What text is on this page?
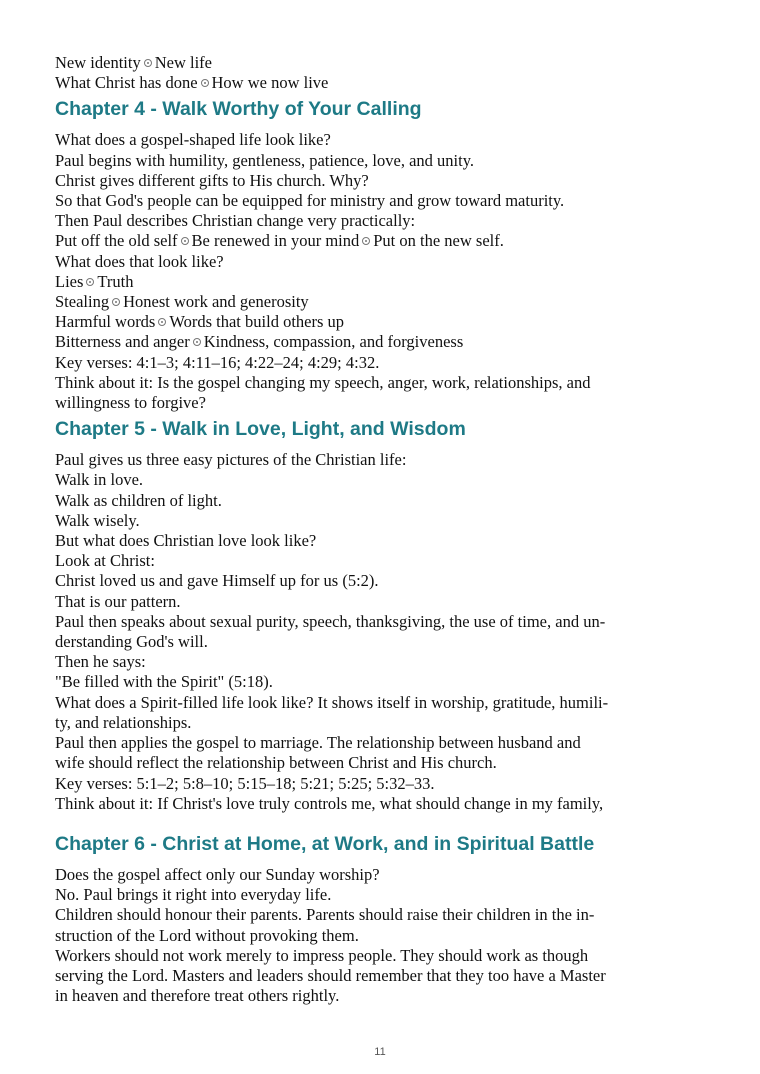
New identity New life
What Christ has done How we now live
Chapter 4 - Walk Worthy of Your Calling
What does a gospel-shaped life look like?
Paul begins with humility, gentleness, patience, love, and unity.
Christ gives different gifts to His church. Why?
So that God's people can be equipped for ministry and grow toward maturity.
Then Paul describes Christian change very practically:
Put off the old self Be renewed in your mind Put on the new self.
What does that look like?
Lies Truth
Stealing Honest work and generosity
Harmful words Words that build others up
Bitterness and anger Kindness, compassion, and forgiveness
Key verses: 4:1–3; 4:11–16; 4:22–24; 4:29; 4:32.
Think about it: Is the gospel changing my speech, anger, work, relationships, and
willingness to forgive?
Chapter 5 - Walk in Love, Light, and Wisdom
Paul gives us three easy pictures of the Christian life:
Walk in love.
Walk as children of light.
Walk wisely.
But what does Christian love look like?
Look at Christ:
Christ loved us and gave Himself up for us (5:2).
That is our pattern.
Paul then speaks about sexual purity, speech, thanksgiving, the use of time, and un-
derstanding God's will.
Then he says:
"Be filled with the Spirit" (5:18).
What does a Spirit-filled life look like? It shows itself in worship, gratitude, humili-
ty, and relationships.
Paul then applies the gospel to marriage. The relationship between husband and
wife should reflect the relationship between Christ and His church.
Key verses: 5:1–2; 5:8–10; 5:15–18; 5:21; 5:25; 5:32–33.
Think about it: If Christ's love truly controls me, what should change in my family,
Chapter 6 - Christ at Home, at Work, and in Spiritual Battle
Does the gospel affect only our Sunday worship?
No. Paul brings it right into everyday life.
Children should honour their parents. Parents should raise their children in the in-
struction of the Lord without provoking them.
Workers should not work merely to impress people. They should work as though
serving the Lord. Masters and leaders should remember that they too have a Master
in heaven and therefore treat others rightly.
11
